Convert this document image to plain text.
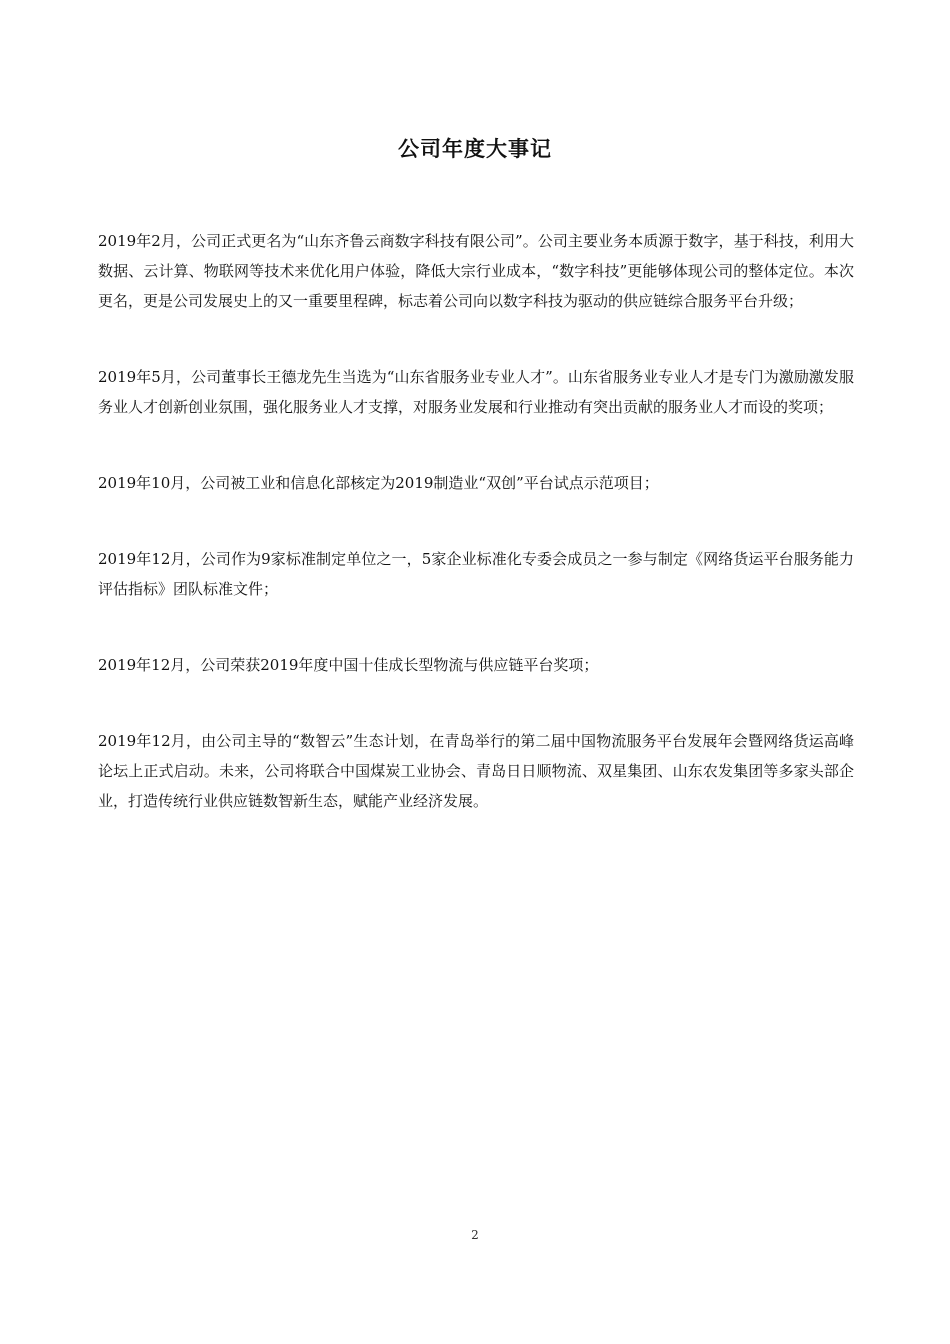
公司年度大事记

2019年2月，公司正式更名为“山东齐鲁云商数字科技有限公司”。公司主要业务本质源于数字，基于科技，利用大数据、云计算、物联网等技术来优化用户体验，降低大宗行业成本，“数字科技”更能够体现公司的整体定位。本次更名，更是公司发展史上的又一重要里程碑，标志着公司向以数字科技为驱动的供应链综合服务平台升级；

2019年5月，公司董事长王德龙先生当选为“山东省服务业专业人才”。山东省服务业专业人才是专门为激励激发服务业人才创新创业氛围，强化服务业人才支撑，对服务业发展和行业推动有突出贡献的服务业人才而设的奖项；

2019年10月，公司被工业和信息化部核定为2019制造业“双创”平台试点示范项目；

2019年12月，公司作为9家标准制定单位之一，5家企业标准化专委会成员之一参与制定《网络货运平台服务能力评估指标》团队标准文件；

2019年12月，公司荣获2019年度中国十佳成长型物流与供应链平台奖项；

2019年12月，由公司主导的“数智云”生态计划，在青岛举行的第二届中国物流服务平台发展年会暨网络货运高峰论坛上正式启动。未来，公司将联合中国煤炭工业协会、青岛日日顺物流、双星集团、山东农发集团等多家头部企业，打造传统行业供应链数智新生态，赋能产业经济发展。

2
